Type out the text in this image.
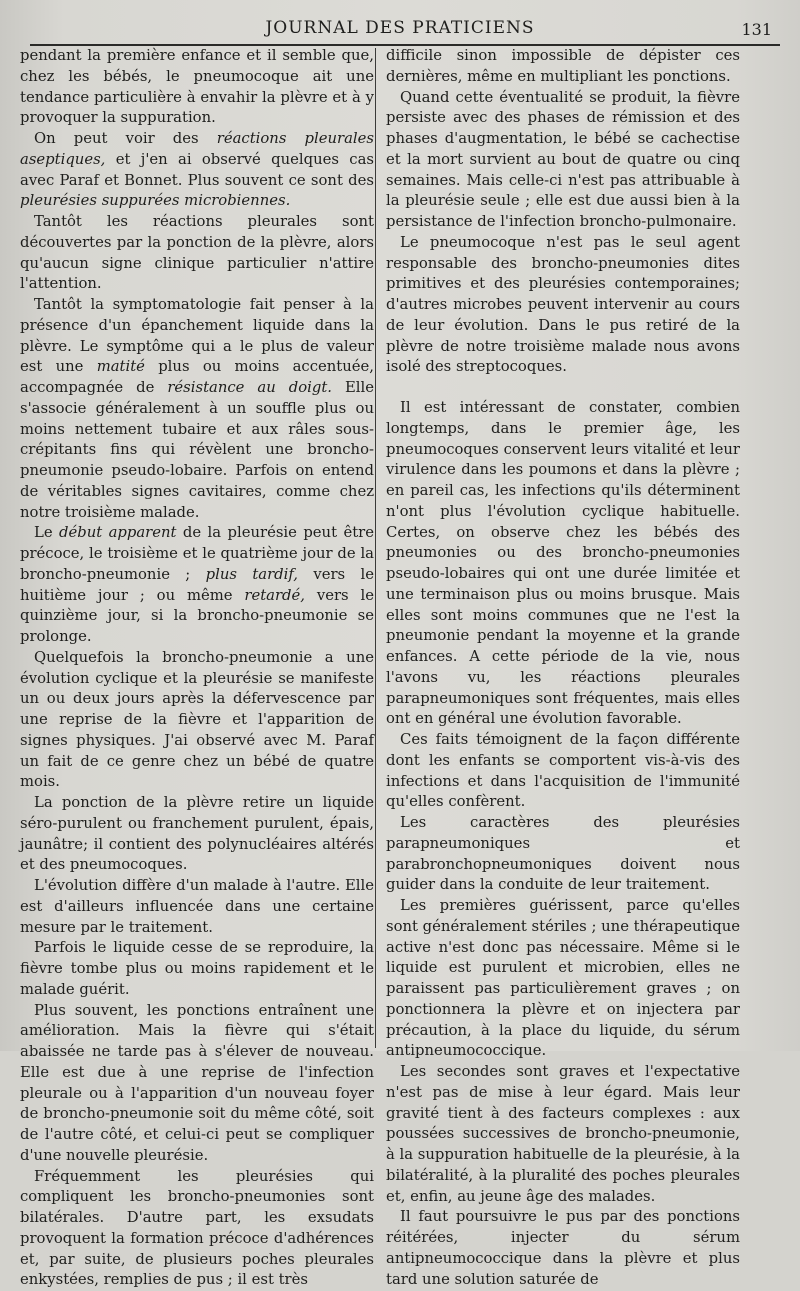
JOURNAL DES PRATICIENS	131

pendant la première enfance et il semble que, chez les bébés, le pneumocoque ait une tendance particulière à envahir la plèvre et à y provoquer la suppuration.

On peut voir des réactions pleurales aseptiques, et j'en ai observé quelques cas avec Paraf et Bonnet. Plus souvent ce sont des pleurésies suppurées microbiennes.

Tantôt les réactions pleurales sont découvertes par la ponction de la plèvre, alors qu'aucun signe clinique particulier n'attire l'attention.

Tantôt la symptomatologie fait penser à la présence d'un épanchement liquide dans la plèvre. Le symptôme qui a le plus de valeur est une matité plus ou moins accentuée, accompagnée de résistance au doigt. Elle s'associe généralement à un souffle plus ou moins nettement tubaire et aux râles sous-crépitants fins qui révèlent une broncho-pneumonie pseudo-lobaire. Parfois on entend de véritables signes cavitaires, comme chez notre troisième malade.

Le début apparent de la pleurésie peut être précoce, le troisième et le quatrième jour de la broncho-pneumonie ; plus tardif, vers le huitième jour ; ou même retardé, vers le quinzième jour, si la broncho-pneumonie se prolonge.

Quelquefois la broncho-pneumonie a une évolution cyclique et la pleurésie se manifeste un ou deux jours après la défervescence par une reprise de la fièvre et l'apparition de signes physiques. J'ai observé avec M. Paraf un fait de ce genre chez un bébé de quatre mois.

La ponction de la plèvre retire un liquide séro-purulent ou franchement purulent, épais, jaunâtre; il contient des polynucléaires altérés et des pneumocoques.

L'évolution diffère d'un malade à l'autre. Elle est d'ailleurs influencée dans une certaine mesure par le traitement.

Parfois le liquide cesse de se reproduire, la fièvre tombe plus ou moins rapidement et le malade guérit.

Plus souvent, les ponctions entraînent une amélioration. Mais la fièvre qui s'était abaissée ne tarde pas à s'élever de nouveau. Elle est due à une reprise de l'infection pleurale ou à l'apparition d'un nouveau foyer de broncho-pneumonie soit du même côté, soit de l'autre côté, et celui-ci peut se compliquer d'une nouvelle pleurésie.

Fréquemment les pleurésies qui compliquent les broncho-pneumonies sont bilatérales. D'autre part, les exsudats provoquent la formation précoce d'adhérences et, par suite, de plusieurs poches pleurales enkystées, remplies de pus ; il est très

difficile sinon impossible de dépister ces dernières, même en multipliant les ponctions.

Quand cette éventualité se produit, la fièvre persiste avec des phases de rémission et des phases d'augmentation, le bébé se cachectise et la mort survient au bout de quatre ou cinq semaines. Mais celle-ci n'est pas attribuable à la pleurésie seule ; elle est due aussi bien à la persistance de l'infection broncho-pulmonaire.

Le pneumocoque n'est pas le seul agent responsable des broncho-pneumonies dites primitives et des pleurésies contemporaines; d'autres microbes peuvent intervenir au cours de leur évolution. Dans le pus retiré de la plèvre de notre troisième malade nous avons isolé des streptocoques.

Il est intéressant de constater, combien longtemps, dans le premier âge, les pneumocoques conservent leurs vitalité et leur virulence dans les poumons et dans la plèvre ; en pareil cas, les infections qu'ils déterminent n'ont plus l'évolution cyclique habituelle. Certes, on observe chez les bébés des pneumonies ou des broncho-pneumonies pseudo-lobaires qui ont une durée limitée et une terminaison plus ou moins brusque. Mais elles sont moins communes que ne l'est la pneumonie pendant la moyenne et la grande enfances. A cette période de la vie, nous l'avons vu, les réactions pleurales parapneumoniques sont fréquentes, mais elles ont en général une évolution favorable.

Ces faits témoignent de la façon différente dont les enfants se comportent vis-à-vis des infections et dans l'acquisition de l'immunité qu'elles confèrent.

Les caractères des pleurésies parapneumoniques et parabronchopneumoniques doivent nous guider dans la conduite de leur traitement.

Les premières guérissent, parce qu'elles sont généralement stériles ; une thérapeutique active n'est donc pas nécessaire. Même si le liquide est purulent et microbien, elles ne paraissent pas particulièrement graves ; on ponctionnera la plèvre et on injectera par précaution, à la place du liquide, du sérum antipneumococcique.

Les secondes sont graves et l'expectative n'est pas de mise à leur égard. Mais leur gravité tient à des facteurs complexes : aux poussées successives de broncho-pneumonie, à la suppuration habituelle de la pleurésie, à la bilatéralité, à la pluralité des poches pleurales et, enfin, au jeune âge des malades.

Il faut poursuivre le pus par des ponctions réitérées, injecter du sérum antipneumococcique dans la plèvre et plus tard une solution saturée de
